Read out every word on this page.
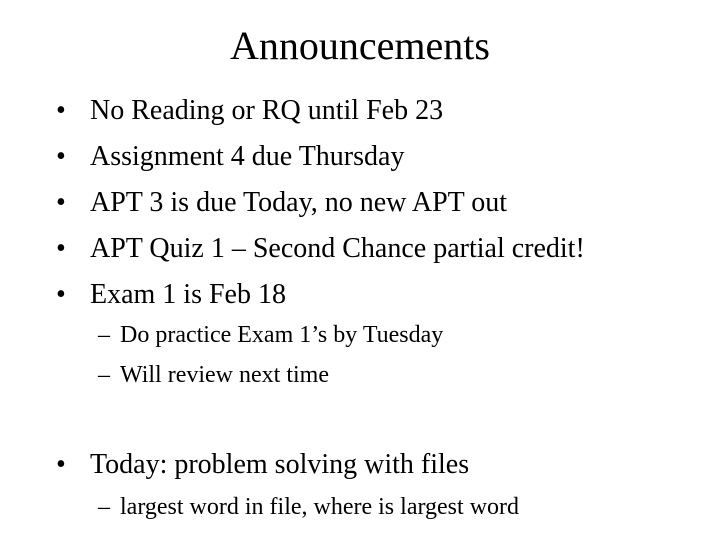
Announcements
• No Reading or RQ until Feb 23
• Assignment 4 due Thursday
• APT 3 is due Today, no new APT out
• APT Quiz 1 – Second Chance partial credit!
• Exam 1 is Feb 18
– Do practice Exam 1’s by Tuesday
– Will review next time
• Today: problem solving with files
– largest word in file, where is largest word
